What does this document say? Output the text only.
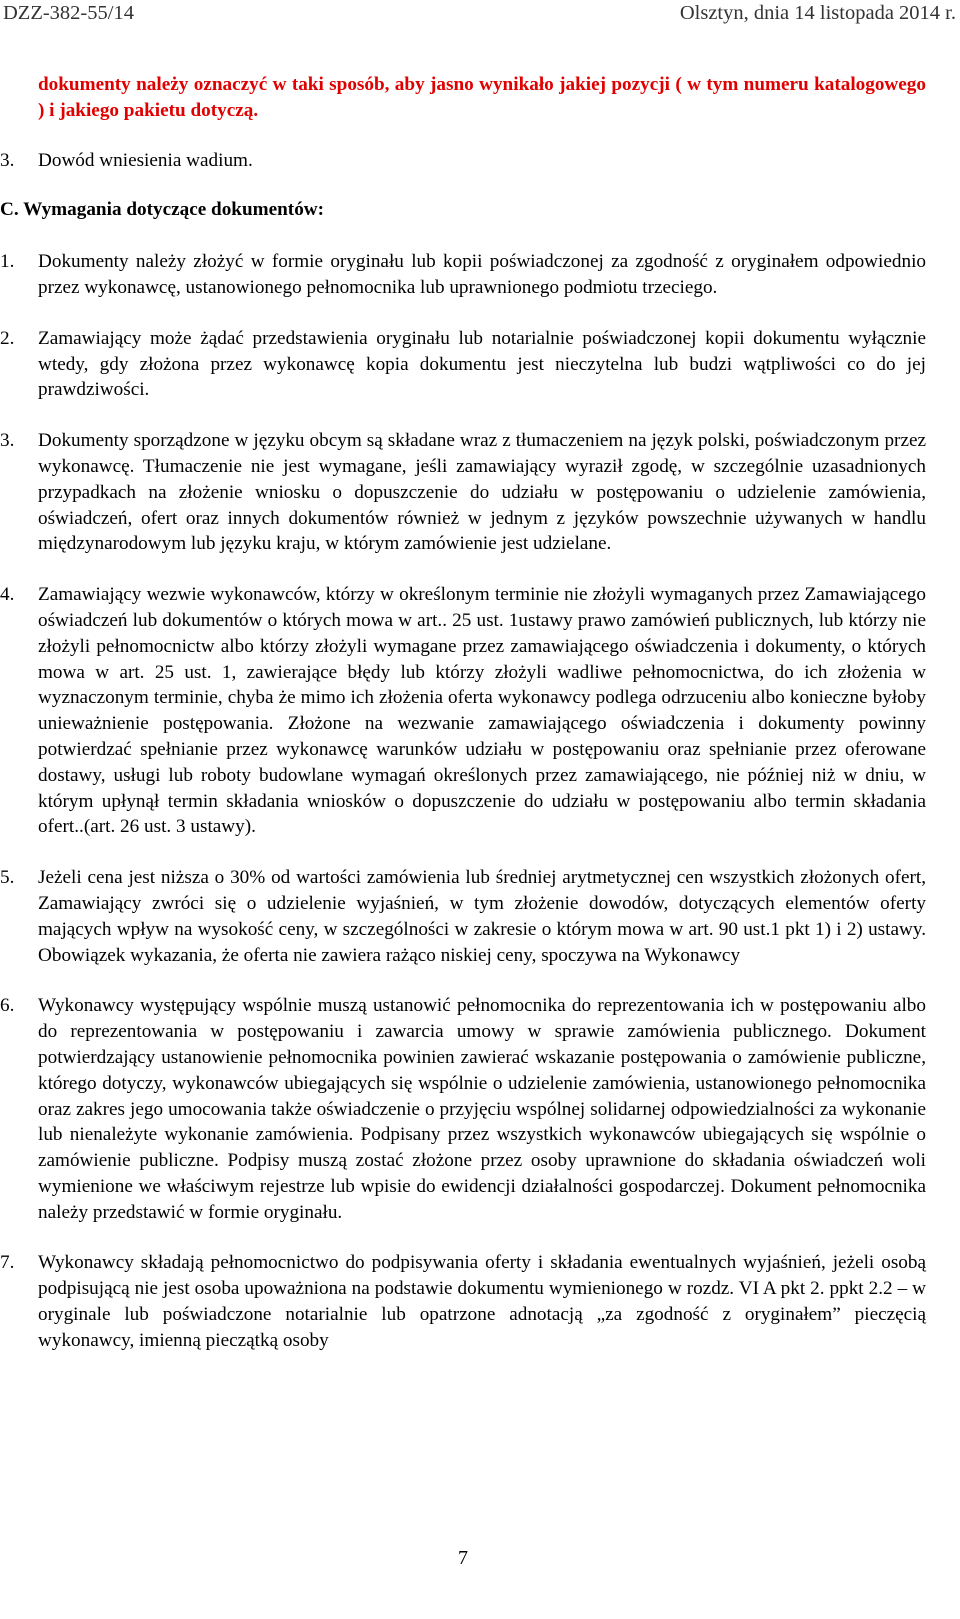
DZZ-382-55/14	Olsztyn, dnia 14 listopada 2014 r.

dokumenty należy oznaczyć w taki sposób, aby jasno wynikało jakiej pozycji ( w tym numeru katalogowego ) i jakiego pakietu dotyczą.

3. Dowód wniesienia wadium.

C. Wymagania dotyczące dokumentów:

1. Dokumenty należy złożyć w formie oryginału lub kopii poświadczonej za zgodność z oryginałem odpowiednio przez wykonawcę, ustanowionego pełnomocnika lub uprawnionego podmiotu trzeciego.

2. Zamawiający może żądać przedstawienia oryginału lub notarialnie poświadczonej kopii dokumentu wyłącznie wtedy, gdy złożona przez wykonawcę kopia dokumentu jest nieczytelna lub budzi wątpliwości co do jej prawdziwości.

3. Dokumenty sporządzone w języku obcym są składane wraz z tłumaczeniem na język polski, poświadczonym przez wykonawcę. Tłumaczenie nie jest wymagane, jeśli zamawiający wyraził zgodę, w szczególnie uzasadnionych przypadkach na złożenie wniosku o dopuszczenie do udziału w postępowaniu o udzielenie zamówienia, oświadczeń, ofert oraz innych dokumentów również w jednym z języków powszechnie używanych w handlu międzynarodowym lub języku kraju, w którym zamówienie jest udzielane.

4. Zamawiający wezwie wykonawców, którzy w określonym terminie nie złożyli wymaganych przez Zamawiającego oświadczeń lub dokumentów o których mowa w art.. 25 ust. 1ustawy prawo zamówień publicznych, lub którzy nie złożyli pełnomocnictw albo którzy złożyli wymagane przez zamawiającego oświadczenia i dokumenty, o których mowa w art. 25 ust. 1, zawierające błędy lub którzy złożyli wadliwe pełnomocnictwa, do ich złożenia w wyznaczonym terminie, chyba że mimo ich złożenia oferta wykonawcy podlega odrzuceniu albo konieczne byłoby unieważnienie postępowania. Złożone na wezwanie zamawiającego oświadczenia i dokumenty powinny potwierdzać spełnianie przez wykonawcę warunków udziału w postępowaniu oraz spełnianie przez oferowane dostawy, usługi lub roboty budowlane wymagań określonych przez zamawiającego, nie później niż w dniu, w którym upłynął termin składania wniosków o dopuszczenie do udziału w postępowaniu albo termin składania ofert..(art. 26 ust. 3 ustawy).

5. Jeżeli cena jest niższa o 30% od wartości zamówienia lub średniej arytmetycznej cen wszystkich złożonych ofert, Zamawiający zwróci się o udzielenie wyjaśnień, w tym złożenie dowodów, dotyczących elementów oferty mających wpływ na wysokość ceny, w szczególności w zakresie o którym mowa w art. 90 ust.1 pkt 1) i 2) ustawy. Obowiązek wykazania, że oferta nie zawiera rażąco niskiej ceny, spoczywa na Wykonawcy

6. Wykonawcy występujący wspólnie muszą ustanowić pełnomocnika do reprezentowania ich w postępowaniu albo do reprezentowania w postępowaniu i zawarcia umowy w sprawie zamówienia publicznego. Dokument potwierdzający ustanowienie pełnomocnika powinien zawierać wskazanie postępowania o zamówienie publiczne, którego dotyczy, wykonawców ubiegających się wspólnie o udzielenie zamówienia, ustanowionego pełnomocnika oraz zakres jego umocowania także oświadczenie o przyjęciu wspólnej solidarnej odpowiedzialności za wykonanie lub nienależyte wykonanie zamówienia. Podpisany przez wszystkich wykonawców ubiegających się wspólnie o zamówienie publiczne. Podpisy muszą zostać złożone przez osoby uprawnione do składania oświadczeń woli wymienione we właściwym rejestrze lub wpisie do ewidencji działalności gospodarczej. Dokument pełnomocnika należy przedstawić w formie oryginału.

7. Wykonawcy składają pełnomocnictwo do podpisywania oferty i składania ewentualnych wyjaśnień, jeżeli osobą podpisującą nie jest osoba upoważniona na podstawie dokumentu wymienionego w rozdz. VI A pkt 2. ppkt 2.2 – w oryginale lub poświadczone notarialnie lub opatrzone adnotacją „za zgodność z oryginałem” pieczęcią wykonawcy, imienną pieczątką osoby

7
